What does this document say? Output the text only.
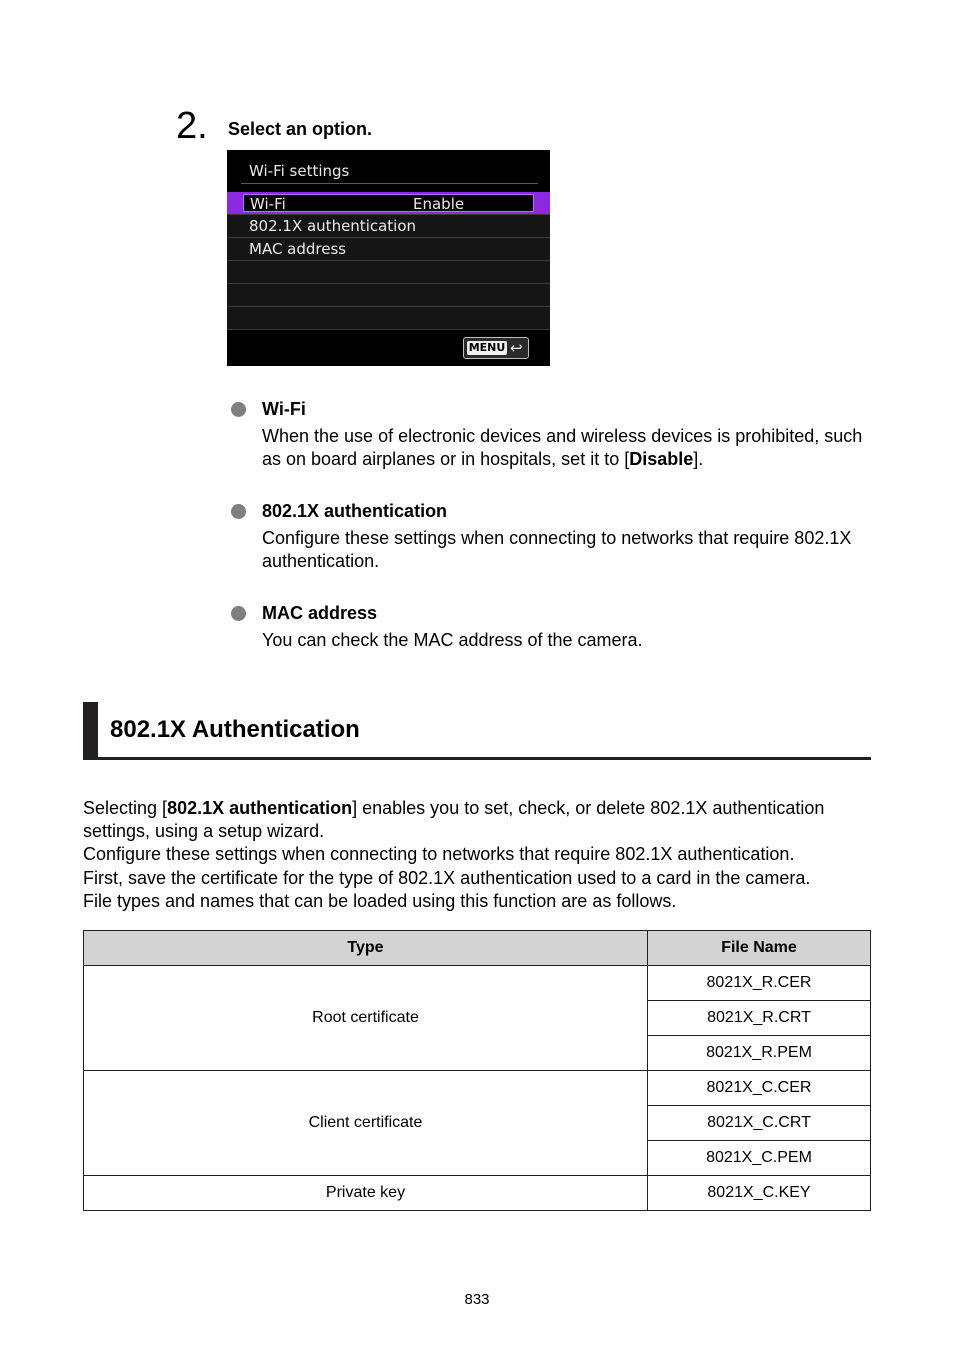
2. Select an option.
Wi-Fi settings
Wi-Fi	Enable
802.1X authentication
MAC address
MENU ↩
Wi-Fi
When the use of electronic devices and wireless devices is prohibited, such as on board airplanes or in hospitals, set it to [Disable].
802.1X authentication
Configure these settings when connecting to networks that require 802.1X authentication.
MAC address
You can check the MAC address of the camera.
802.1X Authentication

Selecting [802.1X authentication] enables you to set, check, or delete 802.1X authentication settings, using a setup wizard.

Configure these settings when connecting to networks that require 802.1X authentication.

First, save the certificate for the type of 802.1X authentication used to a card in the camera.

File types and names that can be loaded using this function are as follows.

Type	File Name
Root certificate	8021X_R.CER
	8021X_R.CRT
	8021X_R.PEM
Client certificate	8021X_C.CER
	8021X_C.CRT
	8021X_C.PEM
Private key	8021X_C.KEY
833
